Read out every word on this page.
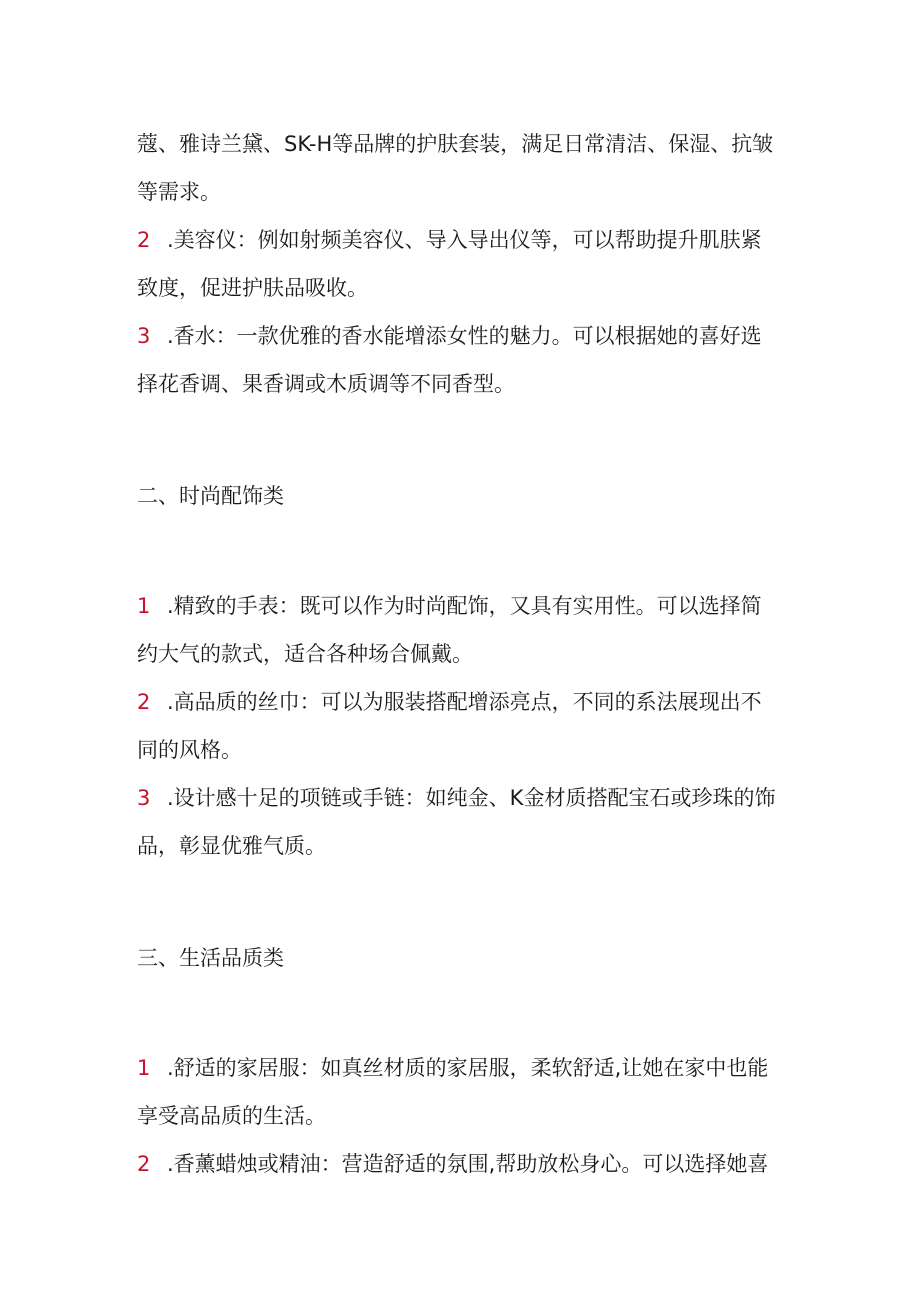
蔻、雅诗兰黛、SK-H等品牌的护肤套装，满足日常清洁、保湿、抗皱
等需求。
2 .美容仪：例如射频美容仪、导入导出仪等，可以帮助提升肌肤紧
致度，促进护肤品吸收。
3 .香水：一款优雅的香水能增添女性的魅力。可以根据她的喜好选
择花香调、果香调或木质调等不同香型。
二、时尚配饰类
1 .精致的手表：既可以作为时尚配饰，又具有实用性。可以选择简
约大气的款式，适合各种场合佩戴。
2 .高品质的丝巾：可以为服装搭配增添亮点，不同的系法展现出不
同的风格。
3 .设计感十足的项链或手链：如纯金、K金材质搭配宝石或珍珠的饰
品，彰显优雅气质。
三、生活品质类
1 .舒适的家居服：如真丝材质的家居服，柔软舒适,让她在家中也能
享受高品质的生活。
2 .香薰蜡烛或精油：营造舒适的氛围,帮助放松身心。可以选择她喜
